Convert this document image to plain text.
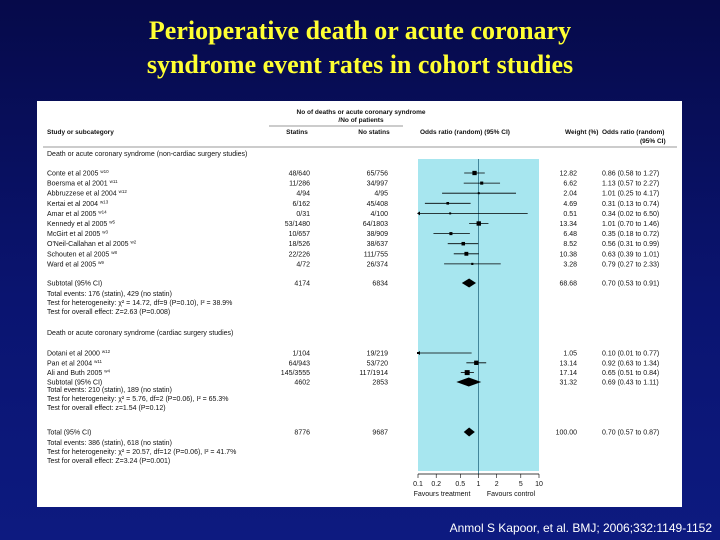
Perioperative death or acute coronary
syndrome event rates in cohort studies
No of deaths or acute coronary syndrome
/No of patients
Study or subcategory	Statins	No statins	Odds ratio (random) (95% CI)	Weight (%) Odds ratio (random)
(95% CI)
Death or acute coronary syndrome (non-cardiac surgery studies)
Conte et al 2005 $^{w10}$	48/640	65/756	12.82	0.86 (0.58 to 1.27)
Boersma et al 2001 $^{w11}$	11/286	34/997	6.62	1.13 (0.57 to 2.27)
Abbruzzese et al 2004 $^{w12}$	4/94	4/95	2.04	1.01 (0.25 to 4.17)
Kertai et al 2004 $^{w13}$	6/162	45/408	4.69	0.31 (0.13 to 0.74)
Amar et al 2005 $^{w14}$	0/31	4/100	0.51	0.34 (0.02 to 6.50)
Kennedy et al 2005 $^{w5}$	53/1480	64/1803	13.34	1.01 (0.70 to 1.46)
McGirt et al 2005 $^{w3}$	10/657	38/909	6.48	0.35 (0.18 to 0.72)
O'Neil-Callahan et al 2005 $^{w2}$	18/526	38/637	8.52	0.56 (0.31 to 0.99)
Schouten et al 2005 $^{w8}$	22/226	111/755	10.38	0.63 (0.39 to 1.01)
Ward et al 2005 $^{w9}$	4/72	26/374	3.28	0.79 (0.27 to 2.33)
Subtotal (95% CI)	4174	6834	68.68	0.70 (0.53 to 0.91)
Total events: 176 (statin), 429 (no statin)
Test for heterogeneity: χ² = 14.72, df=9 (P=0.10), I² = 38.9%
Test for overall effect: Z=2.63 (P=0.008)
Death or acute coronary syndrome (cardiac surgery studies)
Dotani et al 2000 $^{w12}$	1/104	19/219	1.05	0.10 (0.01 to 0.77)
Pan et al 2004 $^{w11}$	64/943	53/720	13.14	0.92 (0.63 to 1.34)
Ali and Buth 2005 $^{w4}$	145/3555	117/1914	17.14	0.65 (0.51 to 0.84)
Subtotal (95% CI)	4602	2853	31.32	0.69 (0.43 to 1.11)
Total events: 210 (statin), 189 (no statin)
Test for heterogeneity: χ² = 5.76, df=2 (P=0.06), I² = 65.3%
Test for overall effect: z=1.54 (P=0.12)
Total (95% CI)	8776	9687	100.00	0.70 (0.57 to 0.87)
Total events: 386 (statin), 618 (no statin)
Test for heterogeneity: χ² = 20.57, df=12 (P=0.06), I² = 41.7%
Test for overall effect: Z=3.24 (P=0.001)
0.1 0.2 0.5 1 2	5 10
Favours treatment Favours control

Anmol S Kapoor, et al. BMJ; 2006;332:1149-1152
